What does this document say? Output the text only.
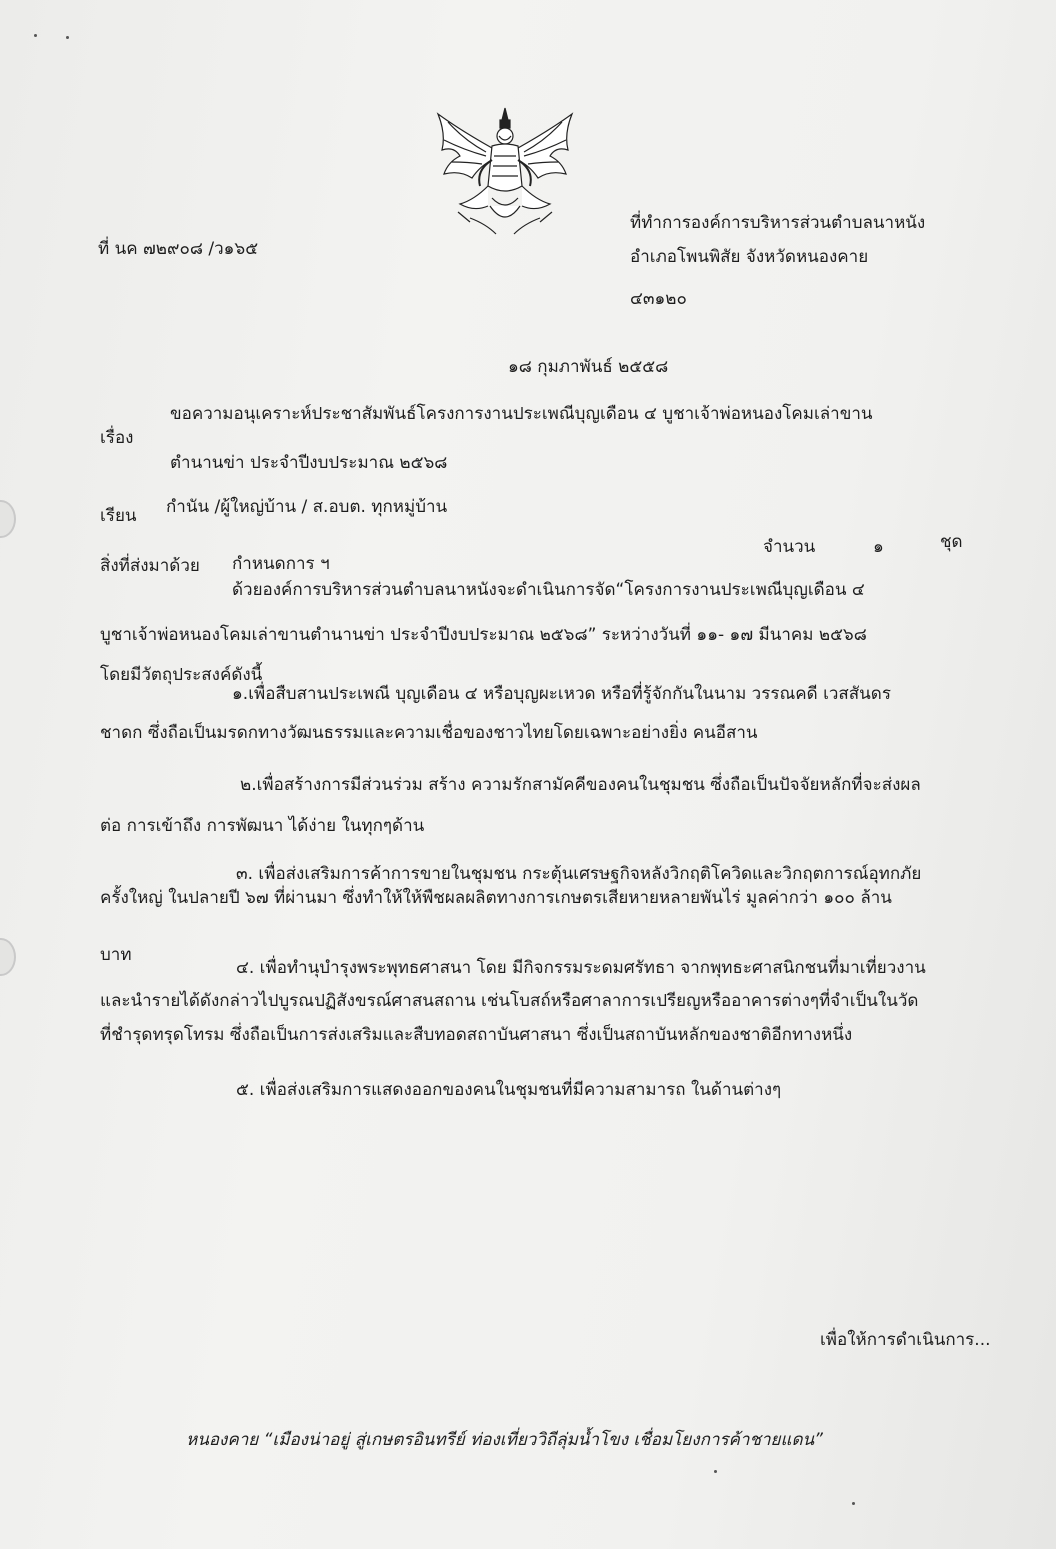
ที่ นค ๗๒๙๐๘ /ว๑๖๕
ที่ทำการองค์การบริหารส่วนตำบลนาหนัง
อำเภอโพนพิสัย จังหวัดหนองคาย
๔๓๑๒๐
๑๘ กุมภาพันธ์ ๒๕๕๘
เรื่อง
ขอความอนุเคราะห์ประชาสัมพันธ์โครงการงานประเพณีบุญเดือน ๔ บูชาเจ้าพ่อหนองโคมเล่าขาน
ตำนานข่า ประจำปีงบประมาณ ๒๕๖๘
เรียน กำนัน /ผู้ใหญ่บ้าน / ส.อบต. ทุกหมู่บ้าน
สิ่งที่ส่งมาด้วย กำหนดการ ฯ
จำนวน	๑	ชุด
ด้วยองค์การบริหารส่วนตำบลนาหนังจะดำเนินการจัด“โครงการงานประเพณีบุญเดือน ๔
บูชาเจ้าพ่อหนองโคมเล่าขานตำนานข่า ประจำปีงบประมาณ ๒๕๖๘” ระหว่างวันที่ ๑๑- ๑๗ มีนาคม ๒๕๖๘
โดยมีวัตถุประสงค์ดังนี้
๑.เพื่อสืบสานประเพณี บุญเดือน ๔ หรือบุญผะเหวด หรือที่รู้จักกันในนาม วรรณคดี เวสสันดร
ชาดก ซึ่งถือเป็นมรดกทางวัฒนธรรมและความเชื่อของชาวไทยโดยเฉพาะอย่างยิ่ง คนอีสาน
๒.เพื่อสร้างการมีส่วนร่วม สร้าง ความรักสามัคคีของคนในชุมชน ซึ่งถือเป็นปัจจัยหลักที่จะส่งผล
ต่อ การเข้าถึง การพัฒนา ได้ง่าย ในทุกๆด้าน
๓. เพื่อส่งเสริมการค้าการขายในชุมชน กระตุ้นเศรษฐกิจหลังวิกฤติโควิดและวิกฤตการณ์อุทกภัย
ครั้งใหญ่ ในปลายปี ๖๗ ที่ผ่านมา ซึ่งทำให้ให้พืชผลผลิตทางการเกษตรเสียหายหลายพันไร่ มูลค่ากว่า ๑๐๐ ล้าน
บาท
๔. เพื่อทำนุบำรุงพระพุทธศาสนา โดย มีกิจกรรมระดมศรัทธา จากพุทธะศาสนิกชนที่มาเที่ยวงาน
และนำรายได้ดังกล่าวไปบูรณปฏิสังขรณ์ศาสนสถาน เช่นโบสถ์หรือศาลาการเปรียญหรืออาคารต่างๆที่จำเป็นในวัด
ที่ชำรุดทรุดโทรม ซึ่งถือเป็นการส่งเสริมและสืบทอดสถาบันศาสนา ซึ่งเป็นสถาบันหลักของชาติอีกทางหนึ่ง
๕. เพื่อส่งเสริมการแสดงออกของคนในชุมชนที่มีความสามารถ ในด้านต่างๆ
เพื่อให้การดำเนินการ...
หนองคาย “เมืองน่าอยู่ สู่เกษตรอินทรีย์ ท่องเที่ยววิถีลุ่มน้ำโขง เชื่อมโยงการค้าชายแดน”
